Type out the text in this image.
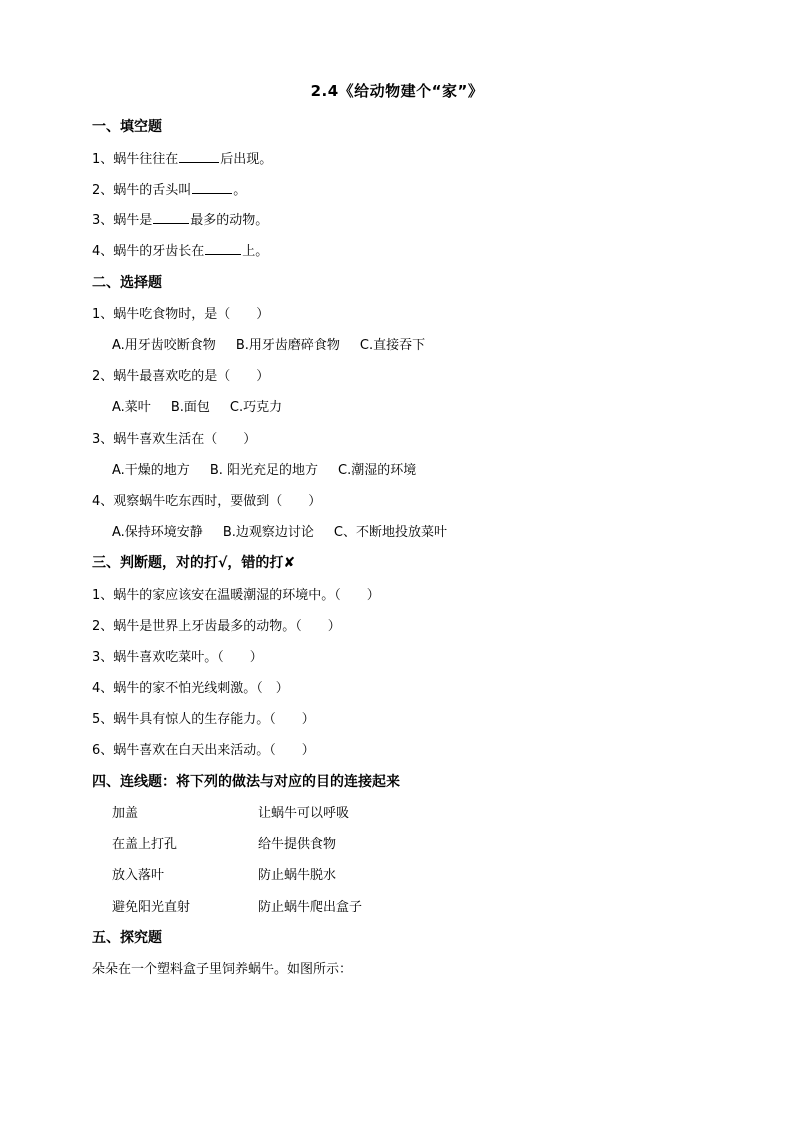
2.4《给动物建个“家”》
一、填空题
1、蜗牛往往在	后出现。
2、蜗牛的舌头叫	。
3、蜗牛是	最多的动物。
4、蜗牛的牙齿长在	上。
二、选择题
1、蜗牛吃食物时，是（　　）
A.用牙齿咬断食物 B.用牙齿磨碎食物 C.直接吞下
2、蜗牛最喜欢吃的是（　　）
A.菜叶 B.面包 C.巧克力
3、蜗牛喜欢生活在（　　）
A.干燥的地方 B. 阳光充足的地方 C.潮湿的环境
4、观察蜗牛吃东西时，要做到（　　）
A.保持环境安静 B.边观察边讨论 C、不断地投放菜叶
三、判断题，对的打√，错的打✘
1、蜗牛的家应该安在温暖潮湿的环境中。（　　）
2、蜗牛是世界上牙齿最多的动物。（　　）
3、蜗牛喜欢吃菜叶。（　　）
4、蜗牛的家不怕光线刺激。（　）
5、蜗牛具有惊人的生存能力。（　　）
6、蜗牛喜欢在白天出来活动。（　　）
四、连线题：将下列的做法与对应的目的连接起来
加盖	让蜗牛可以呼吸
在盖上打孔	给牛提供食物
放入落叶	防止蜗牛脱水
避免阳光直射	防止蜗牛爬出盒子
五、探究题
朵朵在一个塑料盒子里饲养蜗牛。如图所示：
